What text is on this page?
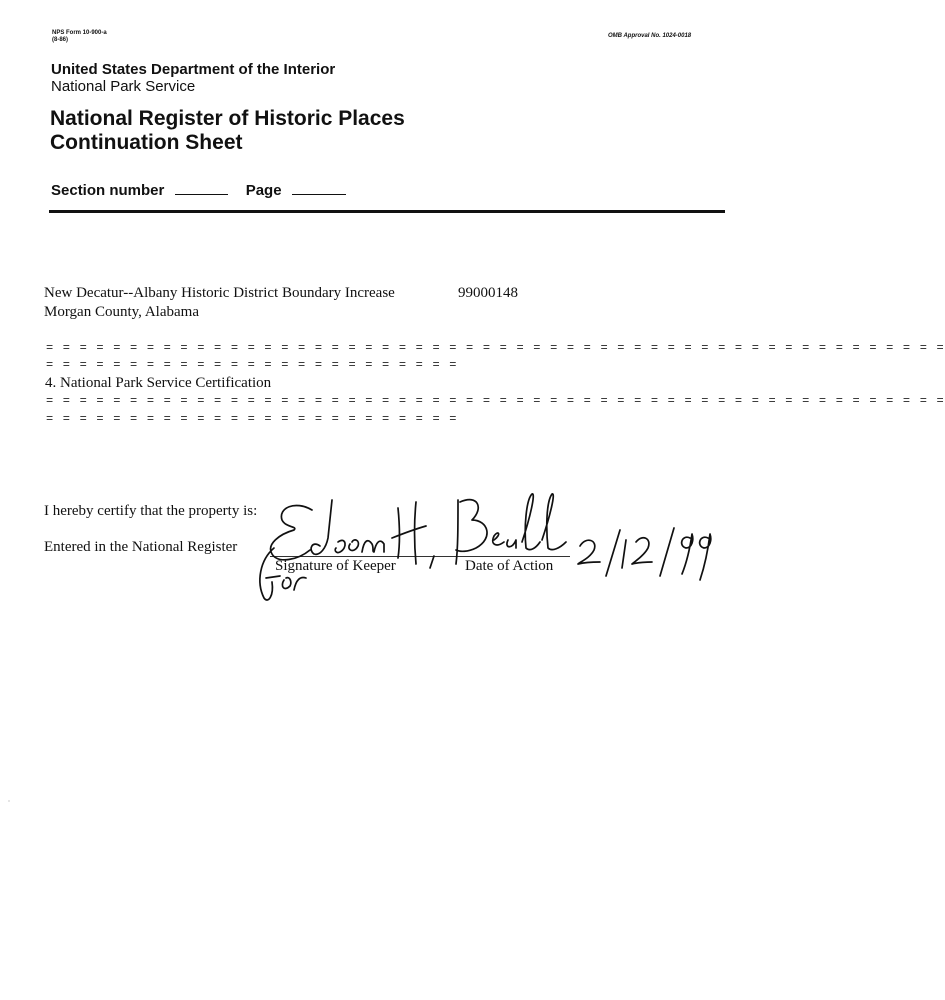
NPS Form 10-900-a
(8-86)
OMB Approval No. 1024-0018
United States Department of the Interior
National Park Service
National Register of Historic Places
Continuation Sheet
Section number	Page
New Decatur--Albany Historic District Boundary Increase	99000148
Morgan County, Alabama
= = = = = = = = = = = = = = = = = = = = = = = = = = = = = = = = = = = = = = = = = = = = = = = = = = = = = =
= = = = = = = = = = = = = = = = = = = = = = = = =
4. National Park Service Certification
= = = = = = = = = = = = = = = = = = = = = = = = = = = = = = = = = = = = = = = = = = = = = = = = = = = = = =
= = = = = = = = = = = = = = = = = = = = = = = = =
I hereby certify that the property is:
Entered in the National Register
Signature of Keeper	Date of Action
